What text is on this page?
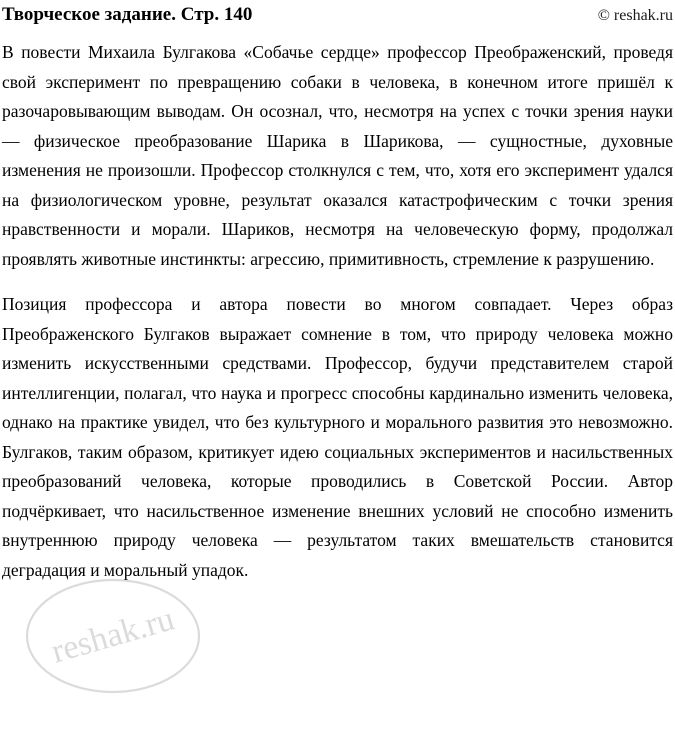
Творческое задание. Стр. 140	© reshak.ru

В повести Михаила Булгакова «Собачье сердце» профессор Преображенский, проведя свой эксперимент по превращению собаки в человека, в конечном итоге пришёл к разочаровывающим выводам. Он осознал, что, несмотря на успех с точки зрения науки — физическое преобразование Шарика в Шарикова, — сущностные, духовные изменения не произошли. Профессор столкнулся с тем, что, хотя его эксперимент удался на физиологическом уровне, результат оказался катастрофическим с точки зрения нравственности и морали. Шариков, несмотря на человеческую форму, продолжал проявлять животные инстинкты: агрессию, примитивность, стремление к разрушению.

Позиция профессора и автора повести во многом совпадает. Через образ Преображенского Булгаков выражает сомнение в том, что природу человека можно изменить искусственными средствами. Профессор, будучи представителем старой интеллигенции, полагал, что наука и прогресс способны кардинально изменить человека, однако на практике увидел, что без культурного и морального развития это невозможно. Булгаков, таким образом, критикует идею социальных экспериментов и насильственных преобразований человека, которые проводились в Советской России. Автор подчёркивает, что насильственное изменение внешних условий не способно изменить внутреннюю природу человека — результатом таких вмешательств становится деградация и моральный упадок.

reshak.ru
